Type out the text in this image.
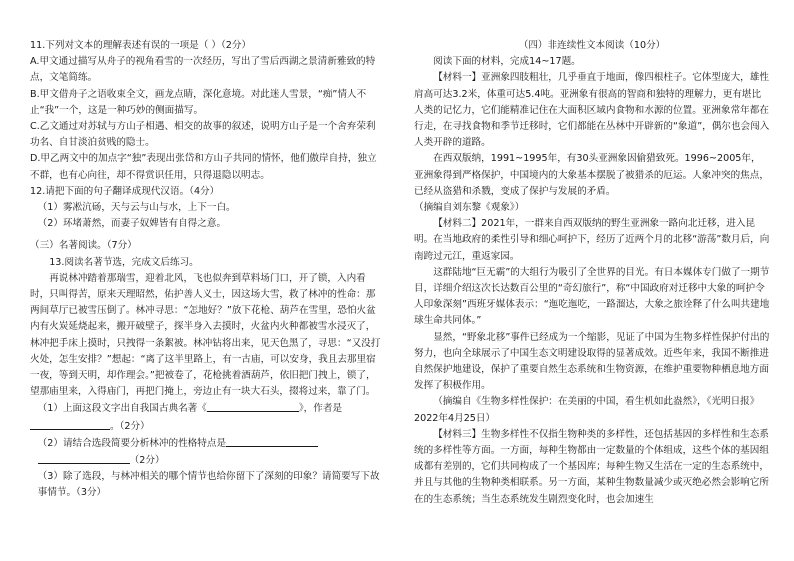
11.下列对文本的理解表述有误的一项是（ ）（2分）

A.甲文通过描写从舟子的视角看雪的一次经历，写出了雪后西湖之景清新雅致的特点，文笔简练。

B.甲文借舟子之语收束全文，画龙点睛，深化意境。对此迷人雪景，“痴”情人不止“我”一个，这是一种巧妙的侧面描写。

C.乙文通过对苏轼与方山子相遇、相交的故事的叙述，说明方山子是一个舍弃荣利功名、自甘淡泊贫贱的隐士。

D.甲乙两文中的加点字“独”表现出张岱和方山子共同的情怀，他们傲岸自持，独立不群，也有心向往，却不得赏识任用，只得退隐以明志。

12.请把下面的句子翻译成现代汉语。（4分）

（1）雾凇沆砀，天与云与山与水，上下一白。

（2）环堵萧然，而妻子奴婢皆有自得之意。

（三）名著阅读。（7分）

13.阅读名著节选，完成文后练习。

再说林冲踏着那瑞雪，迎着北风，飞也似奔到草料场门口，开了锁，入内看时，只叫得苦，原来天理昭然，佑护善人义士，因这场大雪，救了林冲的性命：那两间草厅已被雪压倒了。林冲寻思：“怎地好？”放下花枪、葫芦在雪里，恐怕火盆内有火炭延烧起来，搬开破壁子，探半身入去摸时，火盆内火种都被雪水浸灭了，林冲把手床上摸时，只拽得一条絮被。林冲钻将出来，见天色黑了，寻思：“又没打火处，怎生安排？”想起：“离了这半里路上，有一古庙，可以安身，我且去那里宿一夜，等到天明，却作理会。”把被卷了，花枪挑着酒葫芦，依旧把门拽上，锁了，望那庙里来，入得庙门，再把门掩上，旁边止有一块大石头，掇将过来，靠了门。

（1）上面这段文字出自我国古典名著《	》，作者是

。（2分）

（2）请结合选段简要分析林冲的性格特点是

（2分）

（3）除了选段，与林冲相关的哪个情节也给你留下了深刻的印象？请简要写下故事情节。（3分）

（四）非连续性文本阅读（10分）

阅读下面的材料，完成14~17题。

【材料一】亚洲象四肢粗壮，几乎垂直于地面，像四根柱子。它体型庞大，雄性肩高可达3.2米，体重可达5.4吨。亚洲象有很高的智商和独特的理解力，更有堪比人类的记忆力，它们能精准记住在大面积区域内食物和水源的位置。亚洲象常年都在行走，在寻找食物和季节迁移时，它们都能在丛林中开辟新的“象道”，偶尔也会闯入人类开辟的道路。

在西双版纳，1991~1995年，有30头亚洲象因偷猎致死。1996~2005年，亚洲象得到严格保护，中国境内的大象基本摆脱了被猎杀的厄运。人象冲突的焦点，已经从盗猎和杀戮，变成了保护与发展的矛盾。

（摘编自刘东黎《观象》）

【材料二】2021年，一群来自西双版纳的野生亚洲象一路向北迁移，进入昆明。在当地政府的柔性引导和细心呵护下，经历了近两个月的北移“游荡”数月后，向南跨过元江，重返家园。

这群陆地“巨无霸”的大组行为吸引了全世界的目光。有日本媒体专门做了一期节目，详细介绍这次长达数百公里的“奇幻旅行”，称“中国政府对迁移中大象的呵护令人印象深刻”西班牙媒体表示：“迤吃迤吃，一路溜达，大象之旅诠释了什么叫共建地球生命共同体。”

显然，“野象北移”事件已经成为一个缩影，见证了中国为生物多样性保护付出的努力，也向全球展示了中国生态文明建设取得的显著成效。近些年来，我国不断推进自然保护地建设，保护了重要自然生态系统和生物资源，在维护重要物种栖息地方面发挥了积极作用。

（摘编自《生物多样性保护：在美丽的中国，看生机如此盎然》，《光明日报》2022年4月25日）

【材料三】生物多样性不仅指生物种类的多样性，还包括基因的多样性和生态系统的多样性等方面。一方面，每种生物都由一定数量的个体组成，这些个体的基因组成都有差别的，它们共同构成了一个基因库；每种生物又生活在一定的生态系统中，并且与其他的生物种类相联系。另一方面，某种生物数量减少或灭绝必然会影响它所在的生态系统；当生态系统发生剧烈变化时，也会加速生
